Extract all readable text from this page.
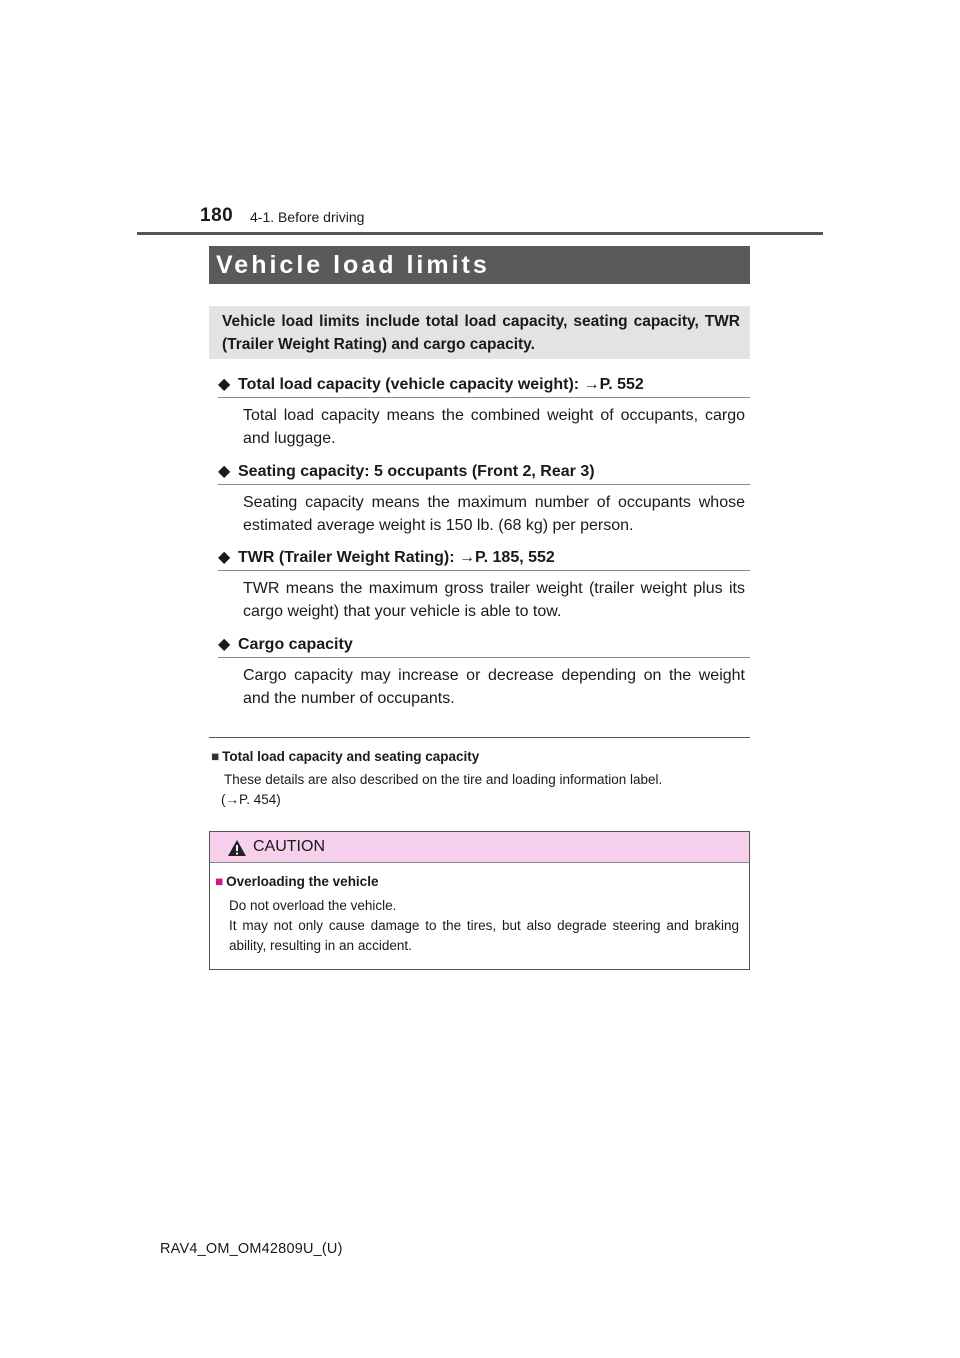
180 4-1. Before driving
Vehicle load limits
Vehicle load limits include total load capacity, seating capacity, TWR (Trailer Weight Rating) and cargo capacity.
◆ Total load capacity (vehicle capacity weight): →P. 552
Total load capacity means the combined weight of occupants, cargo and luggage.
◆ Seating capacity: 5 occupants (Front 2, Rear 3)
Seating capacity means the maximum number of occupants whose estimated average weight is 150 lb. (68 kg) per person.
◆ TWR (Trailer Weight Rating): →P. 185, 552
TWR means the maximum gross trailer weight (trailer weight plus its cargo weight) that your vehicle is able to tow.
◆ Cargo capacity
Cargo capacity may increase or decrease depending on the weight and the number of occupants.
■ Total load capacity and seating capacity
These details are also described on the tire and loading information label.
(→P. 454)
CAUTION
■ Overloading the vehicle
Do not overload the vehicle.
It may not only cause damage to the tires, but also degrade steering and braking ability, resulting in an accident.
RAV4_OM_OM42809U_(U)
